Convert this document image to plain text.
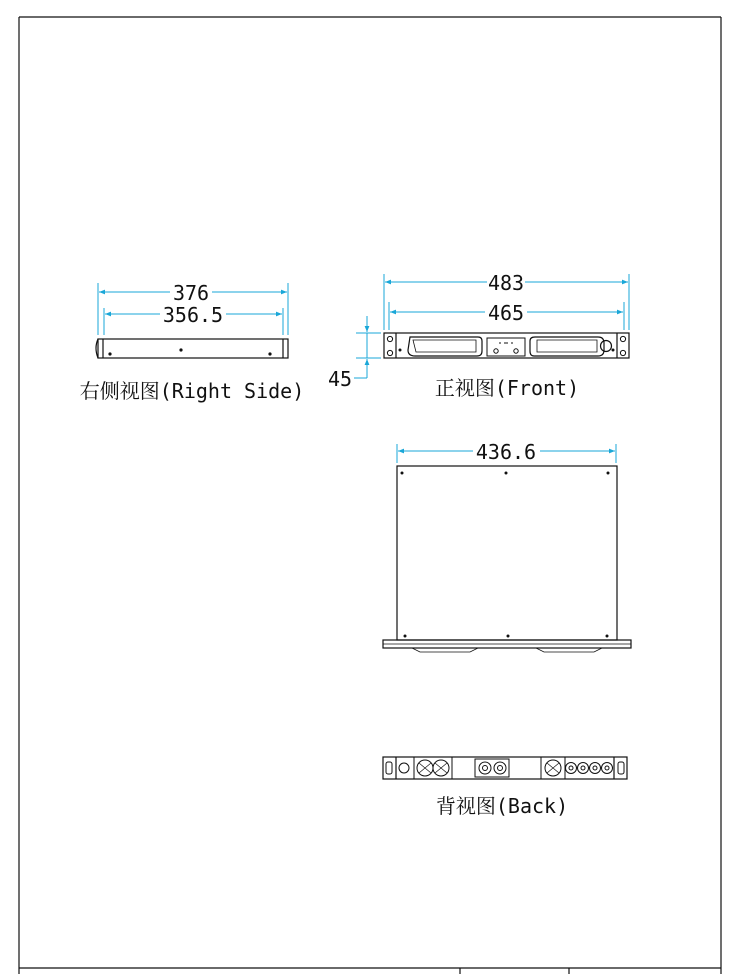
376
356.5
右侧视图(Right Side)
483
465
45	正视图(Front)
436.6
背视图(Back)
